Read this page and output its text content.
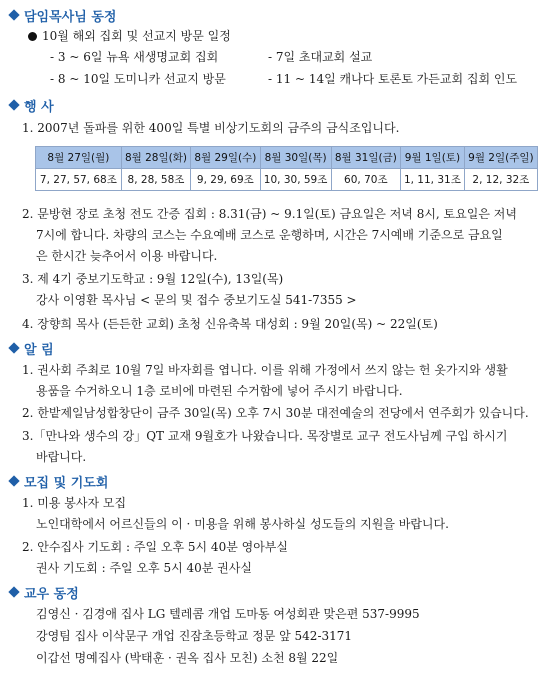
담임목사님 동정
10월 해외 집회 및 선교지 방문 일정
- 3 ~ 6일 뉴욕 새생명교회 집회	- 7일 초대교회 설교
- 8 ~ 10일 도미니카 선교지 방문	- 11 ~ 14일 캐나다 토론토 가든교회 집회 인도
행 사
1. 2007년 돌파를 위한 400일 특별 비상기도회의 금주의 금식조입니다.
8월 27일(월)	8월 28일(화)	8월 29일(수)	8월 30일(목)	8월 31일(금)	9월 1일(토)	9월 2일(주일)
7, 27, 57, 68조	8, 28, 58조	9, 29, 69조	10, 30, 59조	60, 70조	1, 11, 31조	2, 12, 32조
2. 문방현 장로 초청 전도 간증 집회 : 8.31(금) ~ 9.1일(토) 금요일은 저녁 8시, 토요일은 저녁
7시에 합니다. 차량의 코스는 수요예배 코스로 운행하며, 시간은 7시예배 기준으로 금요일
은 한시간 늦추어서 이용 바랍니다.
3. 제 4기 중보기도학교 : 9월 12일(수), 13일(목)
강사 이영환 목사님 < 문의 및 접수 중보기도실 541-7355 >
4. 장향희 목사 (든든한 교회) 초청 신유축복 대성회 : 9월 20일(목) ~ 22일(토)
알 림
1. 권사회 주최로 10월 7일 바자회를 엽니다. 이를 위해 가정에서 쓰지 않는 헌 옷가지와 생활
용품을 수거하오니 1층 로비에 마련된 수거함에 넣어 주시기 바랍니다.
2. 한밭제일남성합창단이 금주 30일(목) 오후 7시 30분 대전예술의 전당에서 연주회가 있습니다.
3.「만나와 생수의 강」QT 교재 9월호가 나왔습니다. 목장별로 교구 전도사님께 구입 하시기
바랍니다.
모집 및 기도회
1. 미용 봉사자 모집
노인대학에서 어르신들의 이 · 미용을 위해 봉사하실 성도들의 지원을 바랍니다.
2. 안수집사 기도회 : 주일 오후 5시 40분 영아부실
권사 기도회 : 주일 오후 5시 40분 권사실
교우 동정
김영신 · 김경애 집사 LG 텔레콤 개업 도마동 여성회관 맞은편 537-9995
강영팀 집사 이삭문구 개업 진잠초등학교 정문 앞 542-3171
이갑선 명예집사 (박태훈 · 권옥 집사 모친) 소천 8월 22일
